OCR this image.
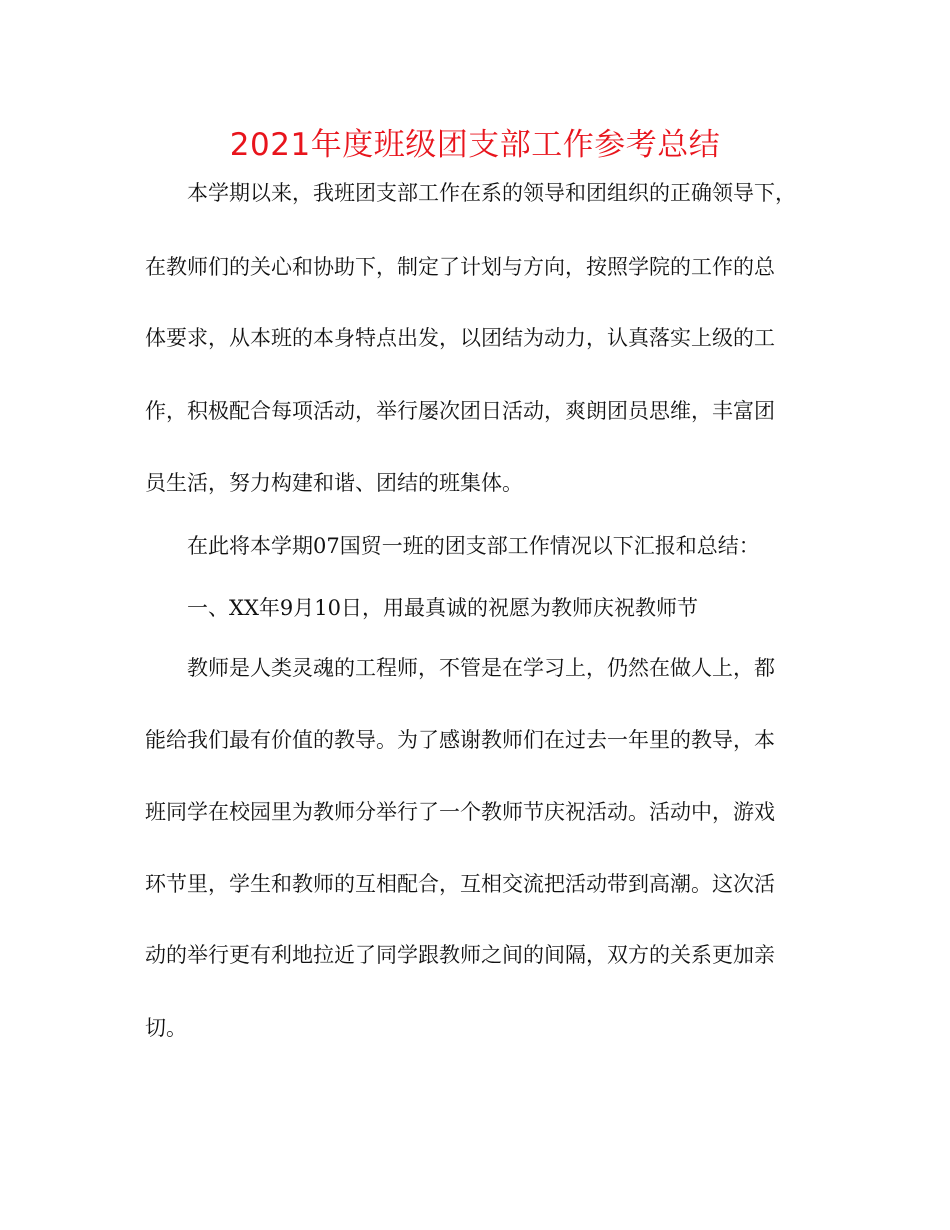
2021年度班级团支部工作参考总结

本学期以来，我班团支部工作在系的领导和团组织的正确领导下，

在教师们的关心和协助下，制定了计划与方向，按照学院的工作的总

体要求，从本班的本身特点出发，以团结为动力，认真落实上级的工

作，积极配合每项活动，举行屡次团日活动，爽朗团员思维，丰富团

员生活，努力构建和谐、团结的班集体。

在此将本学期07国贸一班的团支部工作情况以下汇报和总结：

一、XX年9月10日，用最真诚的祝愿为教师庆祝教师节

教师是人类灵魂的工程师，不管是在学习上，仍然在做人上，都

能给我们最有价值的教导。为了感谢教师们在过去一年里的教导，本

班同学在校园里为教师分举行了一个教师节庆祝活动。活动中，游戏

环节里，学生和教师的互相配合，互相交流把活动带到高潮。这次活

动的举行更有利地拉近了同学跟教师之间的间隔，双方的关系更加亲

切。
